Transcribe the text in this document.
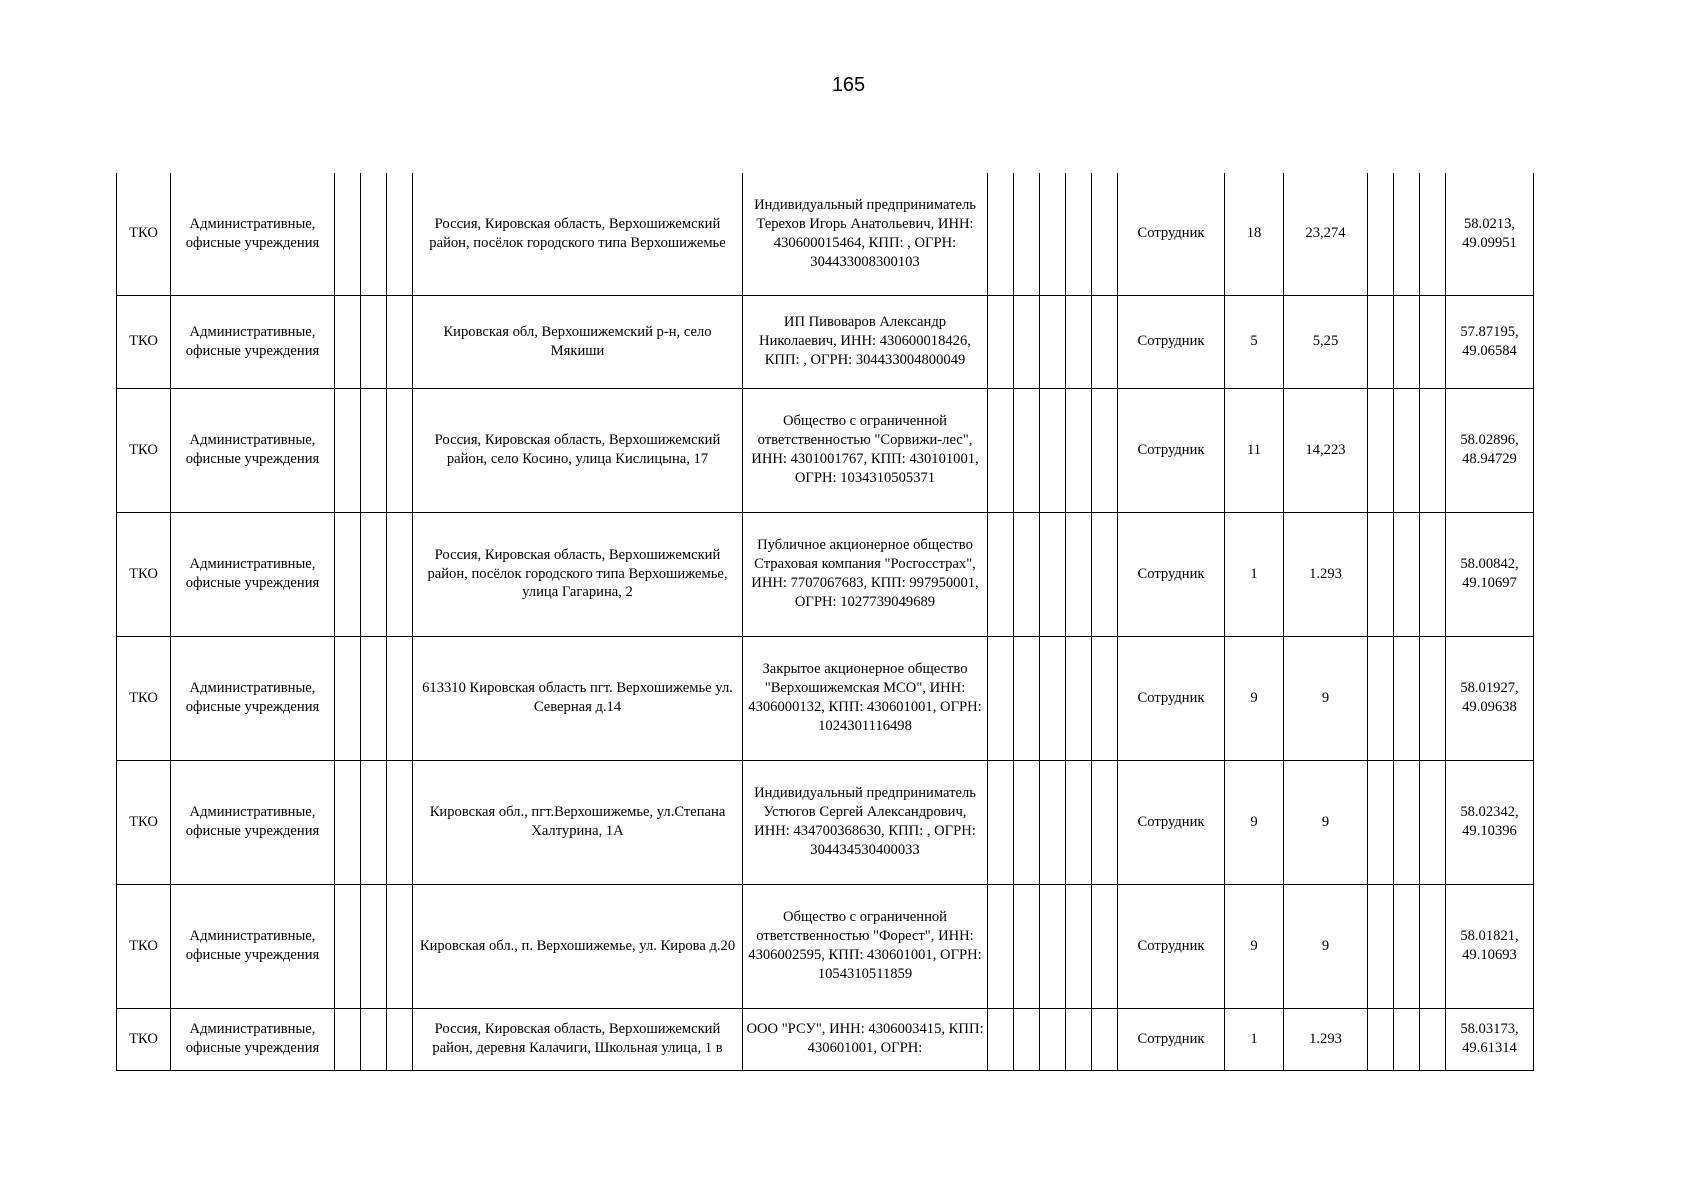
165
ТКО	Административные, офисные учреждения				Россия, Кировская область, Верхошижемский район, посёлок городского типа Верхошижемье	Индивидуальный предприниматель Терехов Игорь Анатольевич, ИНН: 430600015464, КПП: , ОГРН: 304433008300103						Сотрудник	18	23,274				58.0213, 49.09951
ТКО	Административные, офисные учреждения				Кировская обл, Верхошижемский р-н, село Мякиши	ИП Пивоваров Александр Николаевич, ИНН: 430600018426, КПП: , ОГРН: 304433004800049						Сотрудник	5	5,25				57.87195, 49.06584
ТКО	Административные, офисные учреждения				Россия, Кировская область, Верхошижемский район, село Косино, улица Кислицына, 17	Общество с ограниченной ответственностью "Сорвижи-лес", ИНН: 4301001767, КПП: 430101001, ОГРН: 1034310505371						Сотрудник	11	14,223				58.02896, 48.94729
ТКО	Административные, офисные учреждения				Россия, Кировская область, Верхошижемский район, посёлок городского типа Верхошижемье, улица Гагарина, 2	Публичное акционерное общество Страховая компания "Росгосстрах", ИНН: 7707067683, КПП: 997950001, ОГРН: 1027739049689						Сотрудник	1	1.293				58.00842, 49.10697
ТКО	Административные, офисные учреждения				613310 Кировская область пгт. Верхошижемье ул. Северная д.14	Закрытое акционерное общество "Верхошижемская МСО", ИНН: 4306000132, КПП: 430601001, ОГРН: 1024301116498						Сотрудник	9	9				58.01927, 49.09638
ТКО	Административные, офисные учреждения				Кировская обл., пгт.Верхошижемье, ул.Степана Халтурина, 1А	Индивидуальный предприниматель Устюгов Сергей Александрович, ИНН: 434700368630, КПП: , ОГРН: 304434530400033						Сотрудник	9	9				58.02342, 49.10396
ТКО	Административные, офисные учреждения				Кировская обл., п. Верхошижемье, ул. Кирова д.20	Общество с ограниченной ответственностью "Форест", ИНН: 4306002595, КПП: 430601001, ОГРН: 1054310511859						Сотрудник	9	9				58.01821, 49.10693
ТКО	Административные, офисные учреждения				Россия, Кировская область, Верхошижемский район, деревня Калачиги, Школьная улица, 1 в	ООО "РСУ", ИНН: 4306003415, КПП: 430601001, ОГРН:						Сотрудник	1	1.293				58.03173, 49.61314
